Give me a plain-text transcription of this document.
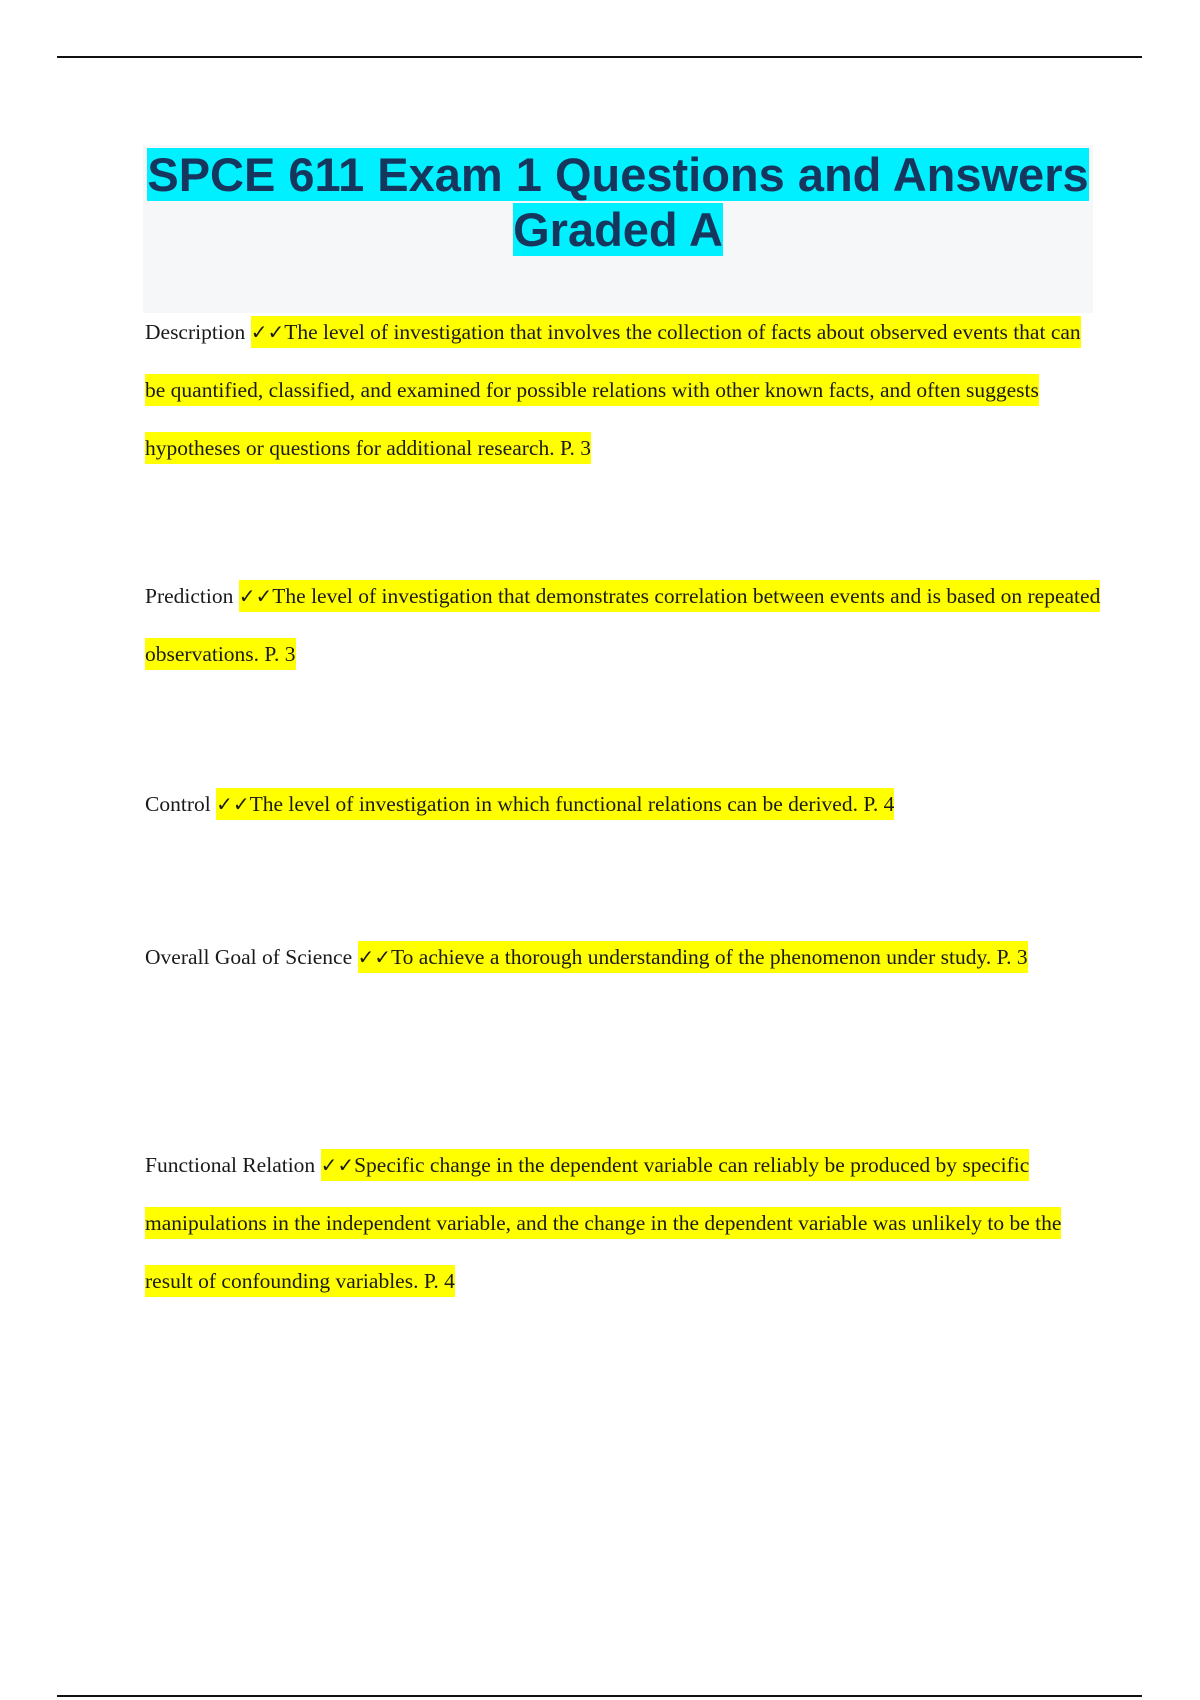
SPCE 611 Exam 1 Questions and Answers Graded A

Description ✓✓The level of investigation that involves the collection of facts about observed events that can be quantified, classified, and examined for possible relations with other known facts, and often suggests hypotheses or questions for additional research. P. 3

Prediction ✓✓The level of investigation that demonstrates correlation between events and is based on repeated observations. P. 3

Control ✓✓The level of investigation in which functional relations can be derived. P. 4

Overall Goal of Science ✓✓To achieve a thorough understanding of the phenomenon under study. P. 3

Functional Relation ✓✓Specific change in the dependent variable can reliably be produced by specific manipulations in the independent variable, and the change in the dependent variable was unlikely to be the result of confounding variables. P. 4
